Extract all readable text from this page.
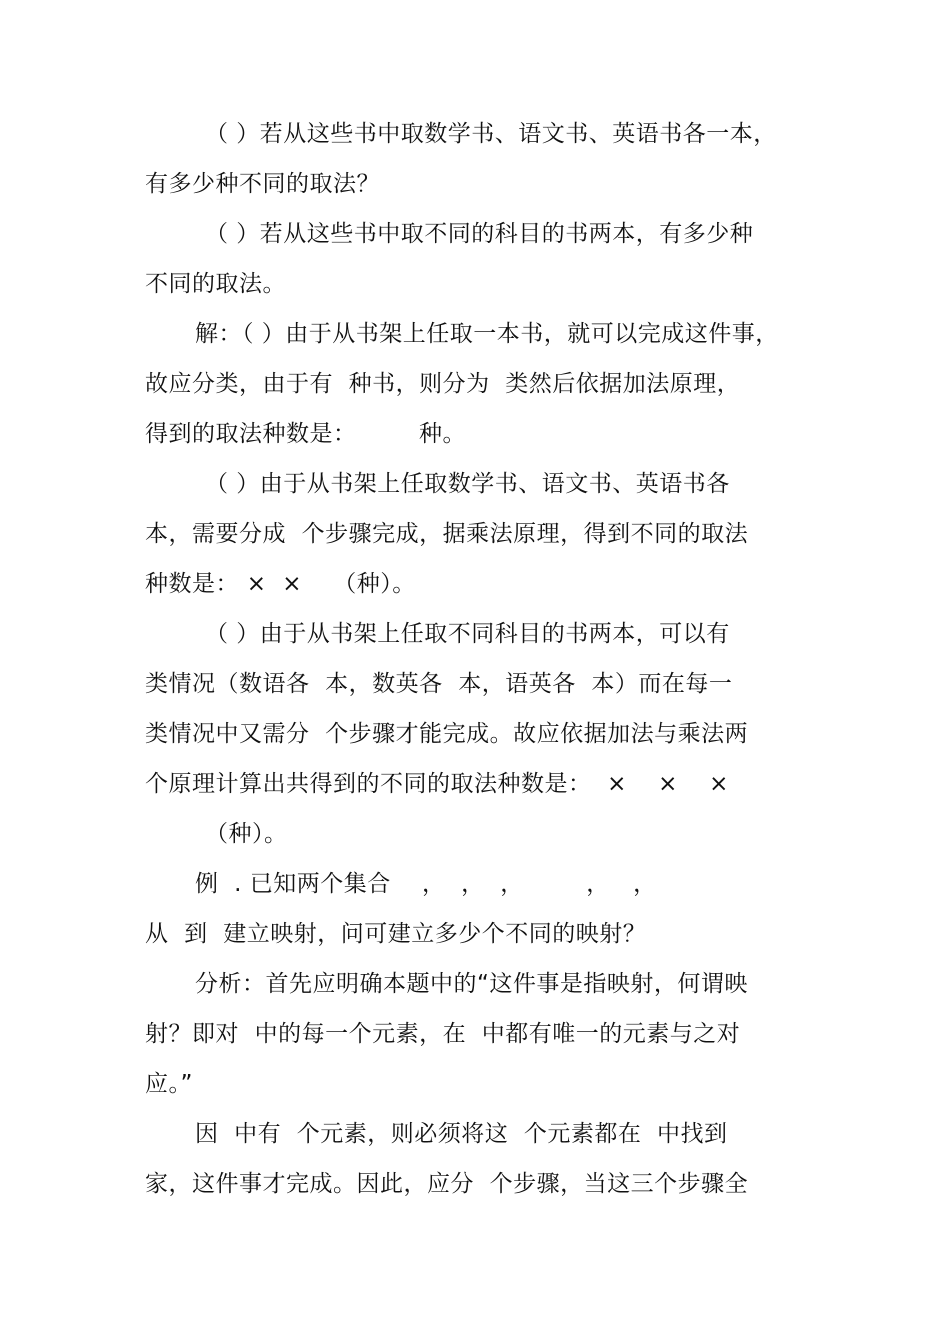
（ ）若从这些书中取数学书、语文书、英语书各一本，
有多少种不同的取法？
（ ）若从这些书中取不同的科目的书两本，有多少种
不同的取法。
解：（ ）由于从书架上任取一本书，就可以完成这件事，
故应分类，由于有  种书，则分为  类然后依据加法原理，
得到的取法种数是：        种。
（ ）由于从书架上任取数学书、语文书、英语书各
本，需要分成  个步骤完成，据乘法原理，得到不同的取法
种数是： ×  ×    （种）。
（ ）由于从书架上任取不同科目的书两本，可以有
类情况（数语各  本，数英各  本，语英各  本）而在每一
类情况中又需分  个步骤才能完成。故应依据加法与乘法两
个原理计算出共得到的不同的取法种数是：  ×    ×    ×
（种）。
例  . 已知两个集合    ，  ，  ，        ，   ，
从  到  建立映射，问可建立多少个不同的映射？
分析：首先应明确本题中的“这件事是指映射，何谓映
射？即对  中的每一个元素，在  中都有唯一的元素与之对
应。”
因  中有  个元素，则必须将这  个元素都在  中找到
家，这件事才完成。因此，应分  个步骤，当这三个步骤全
